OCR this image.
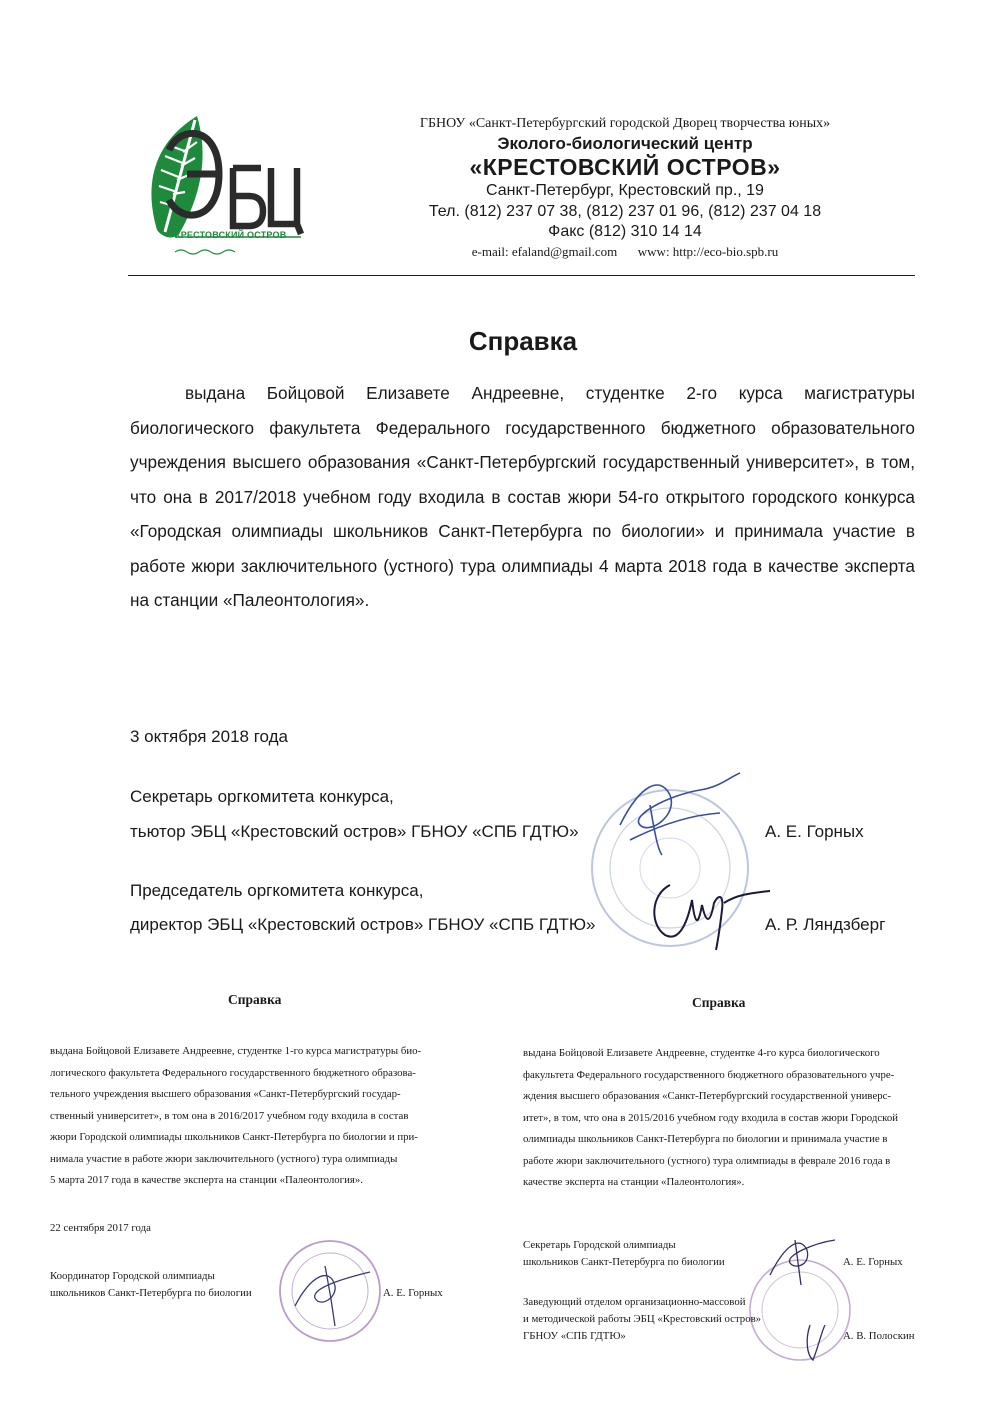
КРЕСТОВСКИЙ ОСТРОВ
ГБНОУ «Санкт-Петербургский городской Дворец творчества юных»
Эколого-биологический центр
«КРЕСТОВСКИЙ ОСТРОВ»
Санкт-Петербург, Крестовский пр., 19
Тел. (812) 237 07 38, (812) 237 01 96, (812) 237 04 18
Факс (812) 310 14 14
e-mail: efaland@gmail.com www: http://eco-bio.spb.ru
Справка
выдана Бойцовой Елизавете Андреевне, студентке 2-го курса магистратуры биологического факультета Федерального государственного бюджетного образовательного учреждения высшего образования «Санкт-Петербургский государственный университет», в том, что она в 2017/2018 учебном году входила в состав жюри 54-го открытого городского конкурса «Городская олимпиады школьников Санкт-Петербурга по биологии» и принимала участие в работе жюри заключительного (устного) тура олимпиады 4 марта 2018 года в качестве эксперта на станции «Палеонтология».
3 октября 2018 года
Секретарь оргкомитета конкурса,
тьютор ЭБЦ «Крестовский остров» ГБНОУ «СПБ ГДТЮ»	А. Е. Горных
Председатель оргкомитета конкурса,
директор ЭБЦ «Крестовский остров» ГБНОУ «СПБ ГДТЮ»	А. Р. Ляндзберг
Справка
выдана Бойцовой Елизавете Андреевне, студентке 1-го курса магистратуры био-
логического факультета Федерального государственного бюджетного образова-
тельного учреждения высшего образования «Санкт-Петербургский государ-
ственный университет», в том она в 2016/2017 учебном году входила в состав
жюри Городской олимпиады школьников Санкт-Петербурга по биологии и при-
нимала участие в работе жюри заключительного (устного) тура олимпиады
5 марта 2017 года в качестве эксперта на станции «Палеонтология».
22 сентября 2017 года
Координатор Городской олимпиады
школьников Санкт-Петербурга по биологии	А. Е. Горных
Справка
выдана Бойцовой Елизавете Андреевне, студентке 4-го курса биологического
факультета Федерального государственного бюджетного образовательного учре-
ждения высшего образования «Санкт-Петербургский государственной универс-
итет», в том, что она в 2015/2016 учебном году входила в состав жюри Городской
олимпиады школьников Санкт-Петербурга по биологии и принимала участие в
работе жюри заключительного (устного) тура олимпиады в феврале 2016 года в
качестве эксперта на станции «Палеонтология».
Секретарь Городской олимпиады
школьников Санкт-Петербурга по биологии	А. Е. Горных
Заведующий отделом организационно-массовой
и методической работы ЭБЦ «Крестовский остров»
ГБНОУ «СПБ ГДТЮ»	А. В. Полоскин
